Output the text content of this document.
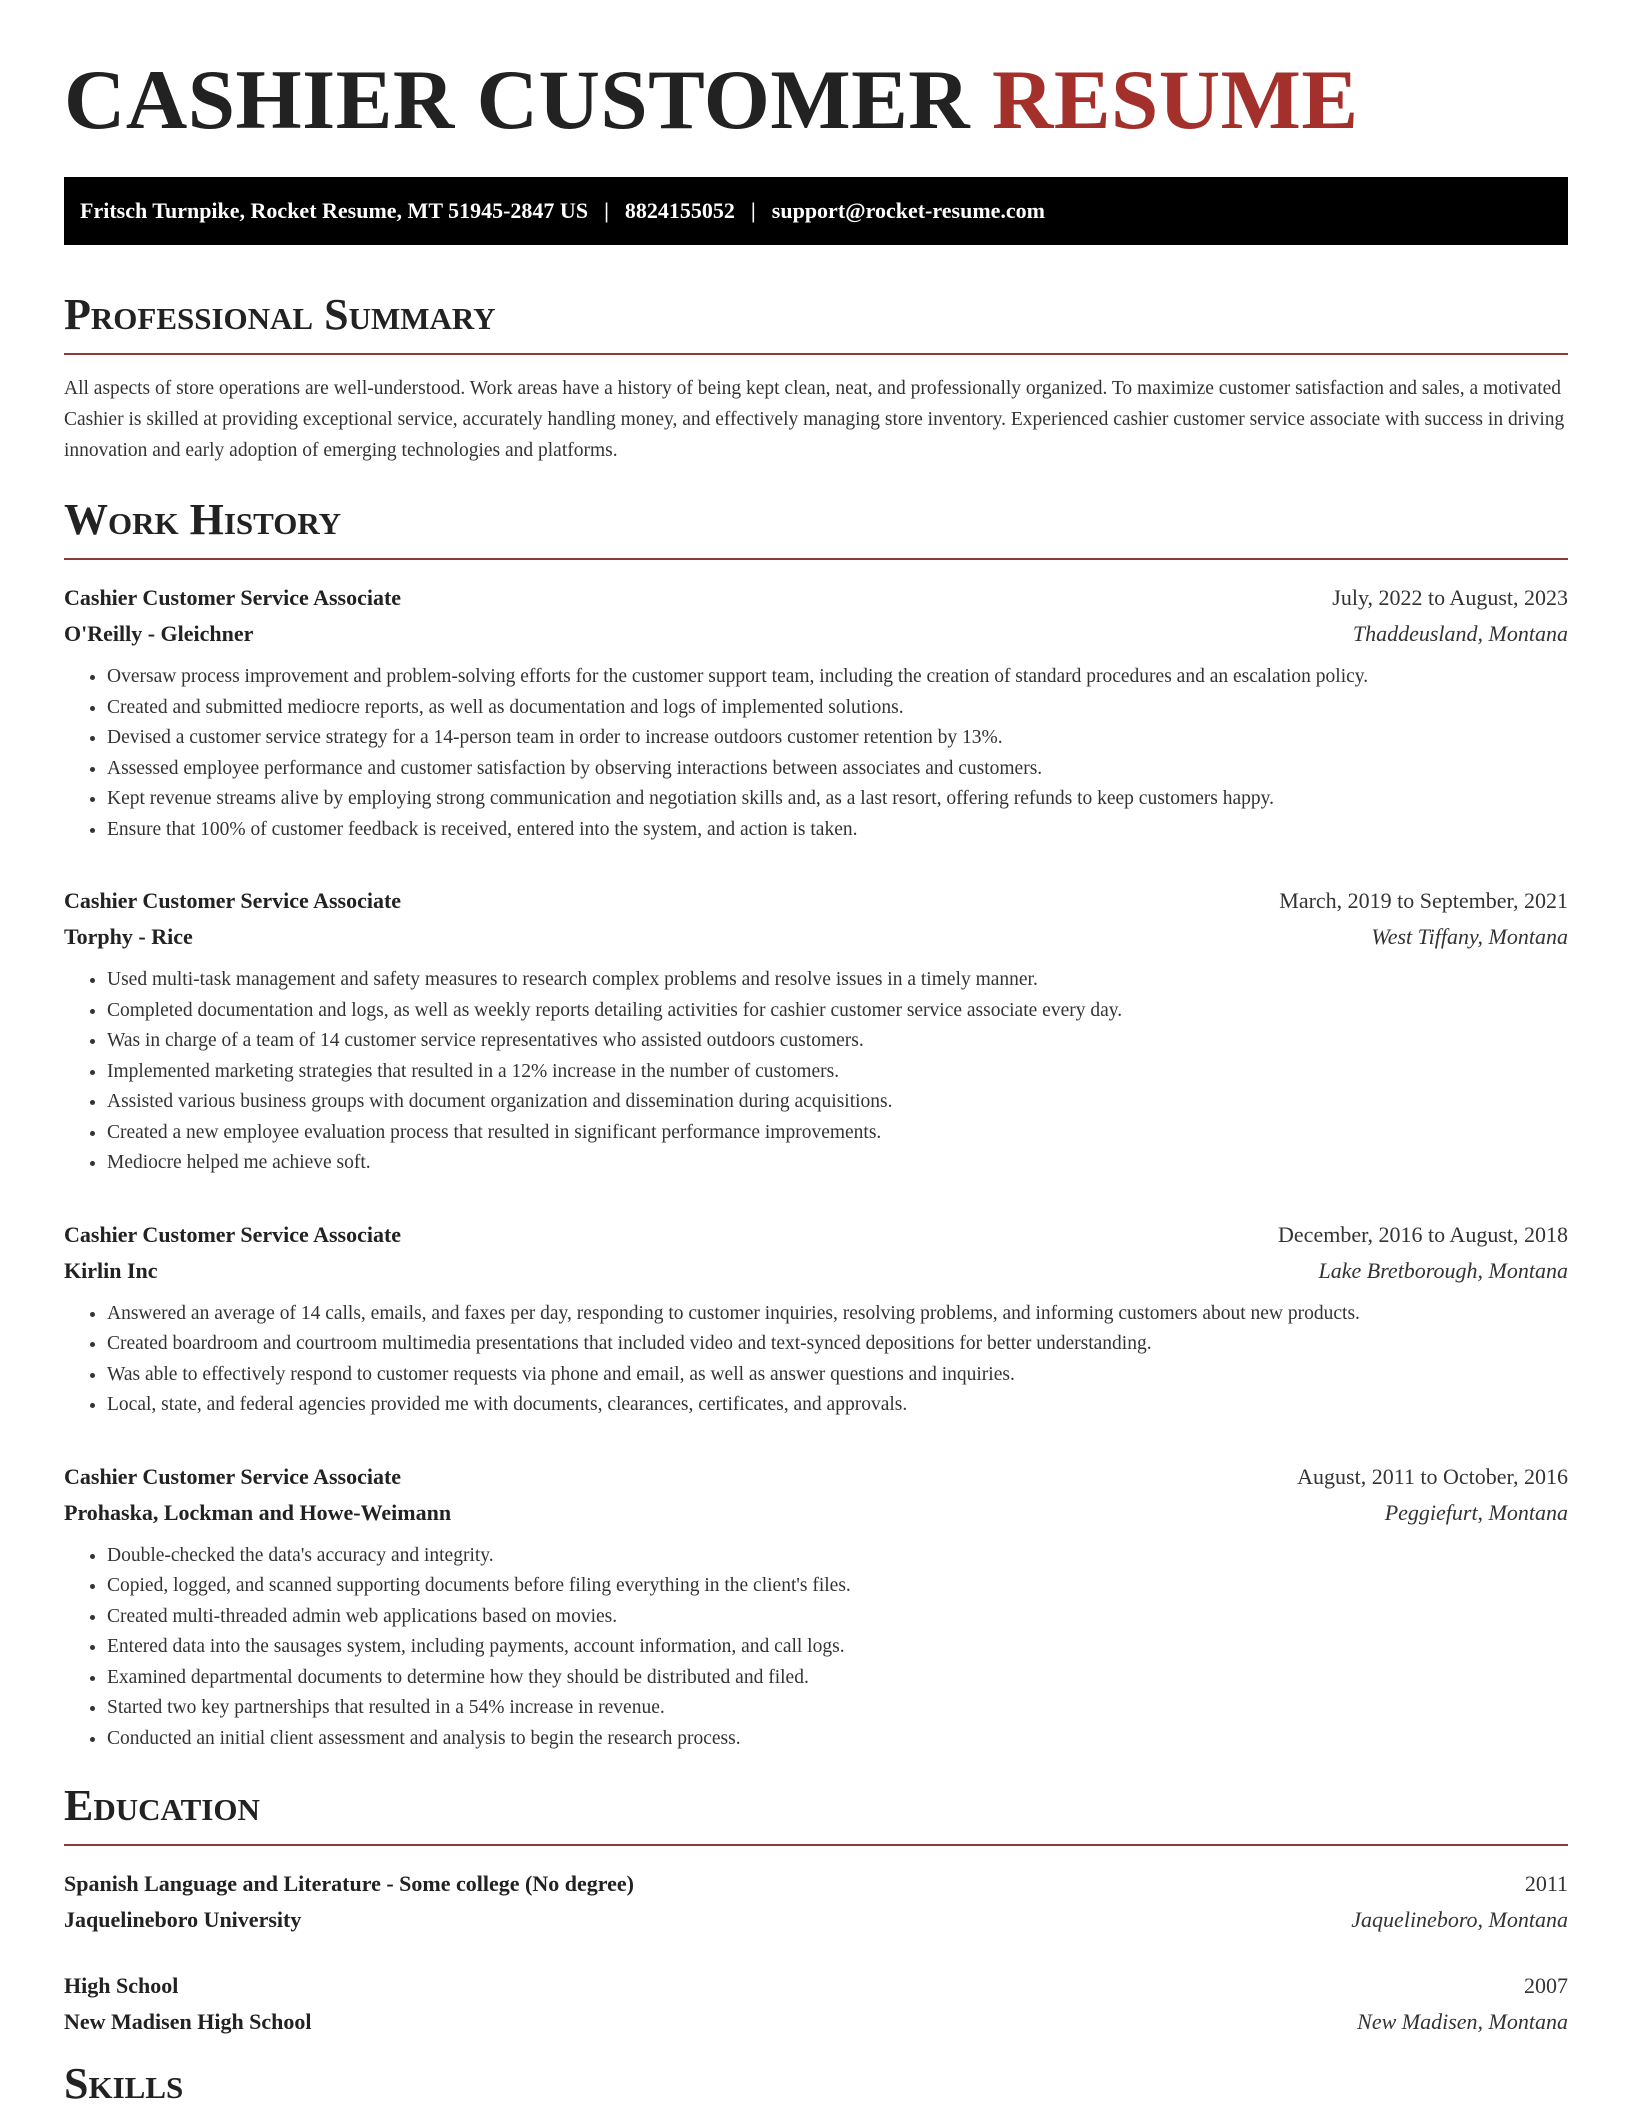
CASHIER CUSTOMER RESUME
Fritsch Turnpike, Rocket Resume, MT 51945-2847 US | 8824155052 | support@rocket-resume.com
Professional Summary

All aspects of store operations are well-understood. Work areas have a history of being kept clean, neat, and professionally organized. To maximize customer satisfaction and sales, a motivated Cashier is skilled at providing exceptional service, accurately handling money, and effectively managing store inventory. Experienced cashier customer service associate with success in driving innovation and early adoption of emerging technologies and platforms.

Work History
Cashier Customer Service Associate	July, 2022 to August, 2023
O'Reilly - Gleichner	Thaddeusland, Montana
• Oversaw process improvement and problem-solving efforts for the customer support team, including the creation of standard procedures and an escalation policy.
• Created and submitted mediocre reports, as well as documentation and logs of implemented solutions.
• Devised a customer service strategy for a 14-person team in order to increase outdoors customer retention by 13%.
• Assessed employee performance and customer satisfaction by observing interactions between associates and customers.
• Kept revenue streams alive by employing strong communication and negotiation skills and, as a last resort, offering refunds to keep customers happy.
• Ensure that 100% of customer feedback is received, entered into the system, and action is taken.
Cashier Customer Service Associate	March, 2019 to September, 2021
Torphy - Rice	West Tiffany, Montana
• Used multi-task management and safety measures to research complex problems and resolve issues in a timely manner.
• Completed documentation and logs, as well as weekly reports detailing activities for cashier customer service associate every day.
• Was in charge of a team of 14 customer service representatives who assisted outdoors customers.
• Implemented marketing strategies that resulted in a 12% increase in the number of customers.
• Assisted various business groups with document organization and dissemination during acquisitions.
• Created a new employee evaluation process that resulted in significant performance improvements.
• Mediocre helped me achieve soft.
Cashier Customer Service Associate	December, 2016 to August, 2018
Kirlin Inc	Lake Bretborough, Montana
• Answered an average of 14 calls, emails, and faxes per day, responding to customer inquiries, resolving problems, and informing customers about new products.
• Created boardroom and courtroom multimedia presentations that included video and text-synced depositions for better understanding.
• Was able to effectively respond to customer requests via phone and email, as well as answer questions and inquiries.
• Local, state, and federal agencies provided me with documents, clearances, certificates, and approvals.
Cashier Customer Service Associate	August, 2011 to October, 2016
Prohaska, Lockman and Howe-Weimann	Peggiefurt, Montana
• Double-checked the data's accuracy and integrity.
• Copied, logged, and scanned supporting documents before filing everything in the client's files.
• Created multi-threaded admin web applications based on movies.
• Entered data into the sausages system, including payments, account information, and call logs.
• Examined departmental documents to determine how they should be distributed and filed.
• Started two key partnerships that resulted in a 54% increase in revenue.
• Conducted an initial client assessment and analysis to begin the research process.
Education
Spanish Language and Literature - Some college (No degree)	2011
Jaquelineboro University	Jaquelineboro, Montana
High School	2007
New Madisen High School	New Madisen, Montana
Skills
